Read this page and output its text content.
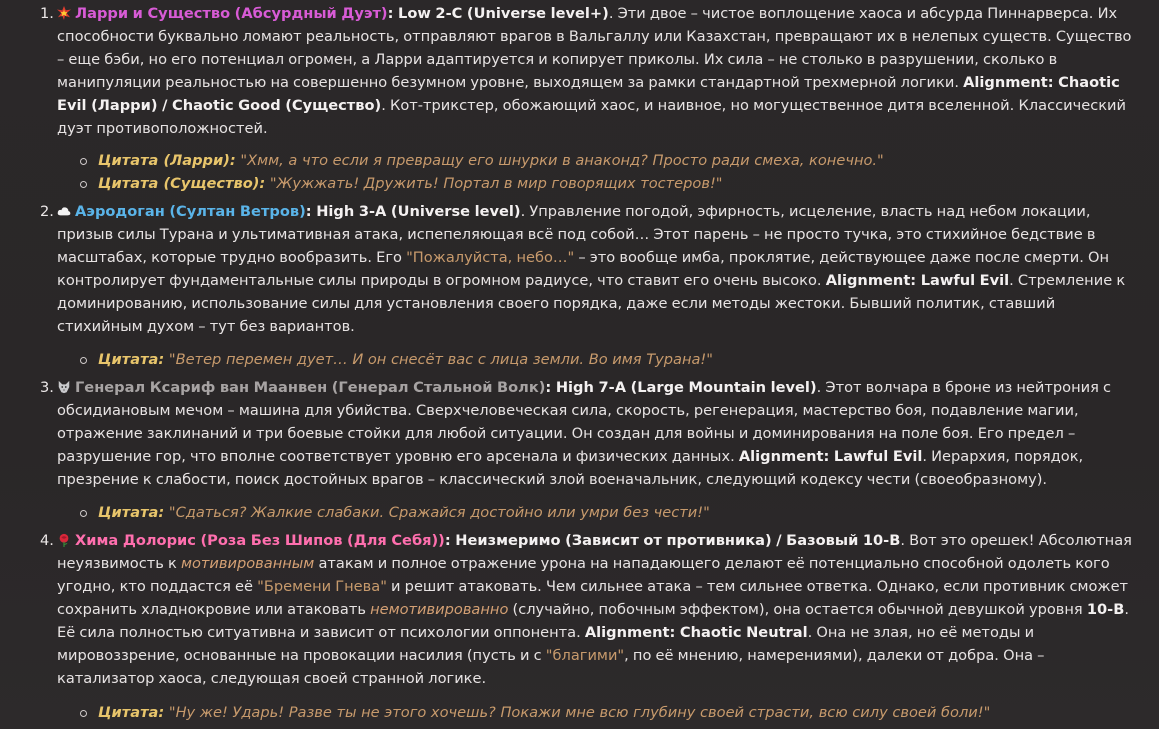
1.	Ларри и Существо (Абсурдный Дуэт): Low 2-C (Universe level+). Эти двое – чистое воплощение хаоса и абсурда Пиннарверса. Их способности буквально ломают реальность, отправляют врагов в Вальгаллу или Казахстан, превращают их в нелепых существ. Существо – еще бэби, но его потенциал огромен, а Ларри адаптируется и копирует приколы. Их сила – не столько в разрушении, сколько в манипуляции реальностью на совершенно безумном уровне, выходящем за рамки стандартной трехмерной логики. Alignment: Chaotic Evil (Ларри) / Chaotic Good (Существо). Кот-трикстер, обожающий хаос, и наивное, но могущественное дитя вселенной. Классический дуэт противоположностей.
Цитата (Ларри): "Хмм, а что если я превращу его шнурки в анаконд? Просто ради смеха, конечно."
Цитата (Существо): "Жужжать! Дружить! Портал в мир говорящих тостеров!"
2.	Аэродоган (Султан Ветров): High 3-A (Universe level). Управление погодой, эфирность, исцеление, власть над небом локации, призыв силы Турана и ультимативная атака, испепеляющая всё под собой… Этот парень – не просто тучка, это стихийное бедствие в масштабах, которые трудно вообразить. Его "Пожалуйста, небо…" – это вообще имба, проклятие, действующее даже после смерти. Он контролирует фундаментальные силы природы в огромном радиусе, что ставит его очень высоко. Alignment: Lawful Evil. Стремление к доминированию, использование силы для установления своего порядка, даже если методы жестоки. Бывший политик, ставший стихийным духом – тут без вариантов.
Цитата: "Ветер перемен дует… И он снесёт вас с лица земли. Во имя Турана!"
3.	Генерал Ксариф ван Маанвен (Генерал Стальной Волк): High 7-A (Large Mountain level). Этот волчара в броне из нейтрония с обсидиановым мечом – машина для убийства. Сверхчеловеческая сила, скорость, регенерация, мастерство боя, подавление магии, отражение заклинаний и три боевые стойки для любой ситуации. Он создан для войны и доминирования на поле боя. Его предел – разрушение гор, что вполне соответствует уровню его арсенала и физических данных. Alignment: Lawful Evil. Иерархия, порядок, презрение к слабости, поиск достойных врагов – классический злой военачальник, следующий кодексу чести (своеобразному).
Цитата: "Сдаться? Жалкие слабаки. Сражайся достойно или умри без чести!"
4.	Хима Долорис (Роза Без Шипов (Для Себя)): Неизмеримо (Зависит от противника) / Базовый 10-B. Вот это орешек! Абсолютная неуязвимость к мотивированным атакам и полное отражение урона на нападающего делают её потенциально способной одолеть кого угодно, кто поддастся её "Бремени Гнева" и решит атаковать. Чем сильнее атака – тем сильнее ответка. Однако, если противник сможет сохранить хладнокровие или атаковать немотивированно (случайно, побочным эффектом), она остается обычной девушкой уровня 10-B. Её сила полностью ситуативна и зависит от психологии оппонента. Alignment: Chaotic Neutral. Она не злая, но её методы и мировоззрение, основанные на провокации насилия (пусть и с "благими", по её мнению, намерениями), далеки от добра. Она – катализатор хаоса, следующая своей странной логике.
Цитата: "Ну же! Ударь! Разве ты не этого хочешь? Покажи мне всю глубину своей страсти, всю силу своей боли!"
